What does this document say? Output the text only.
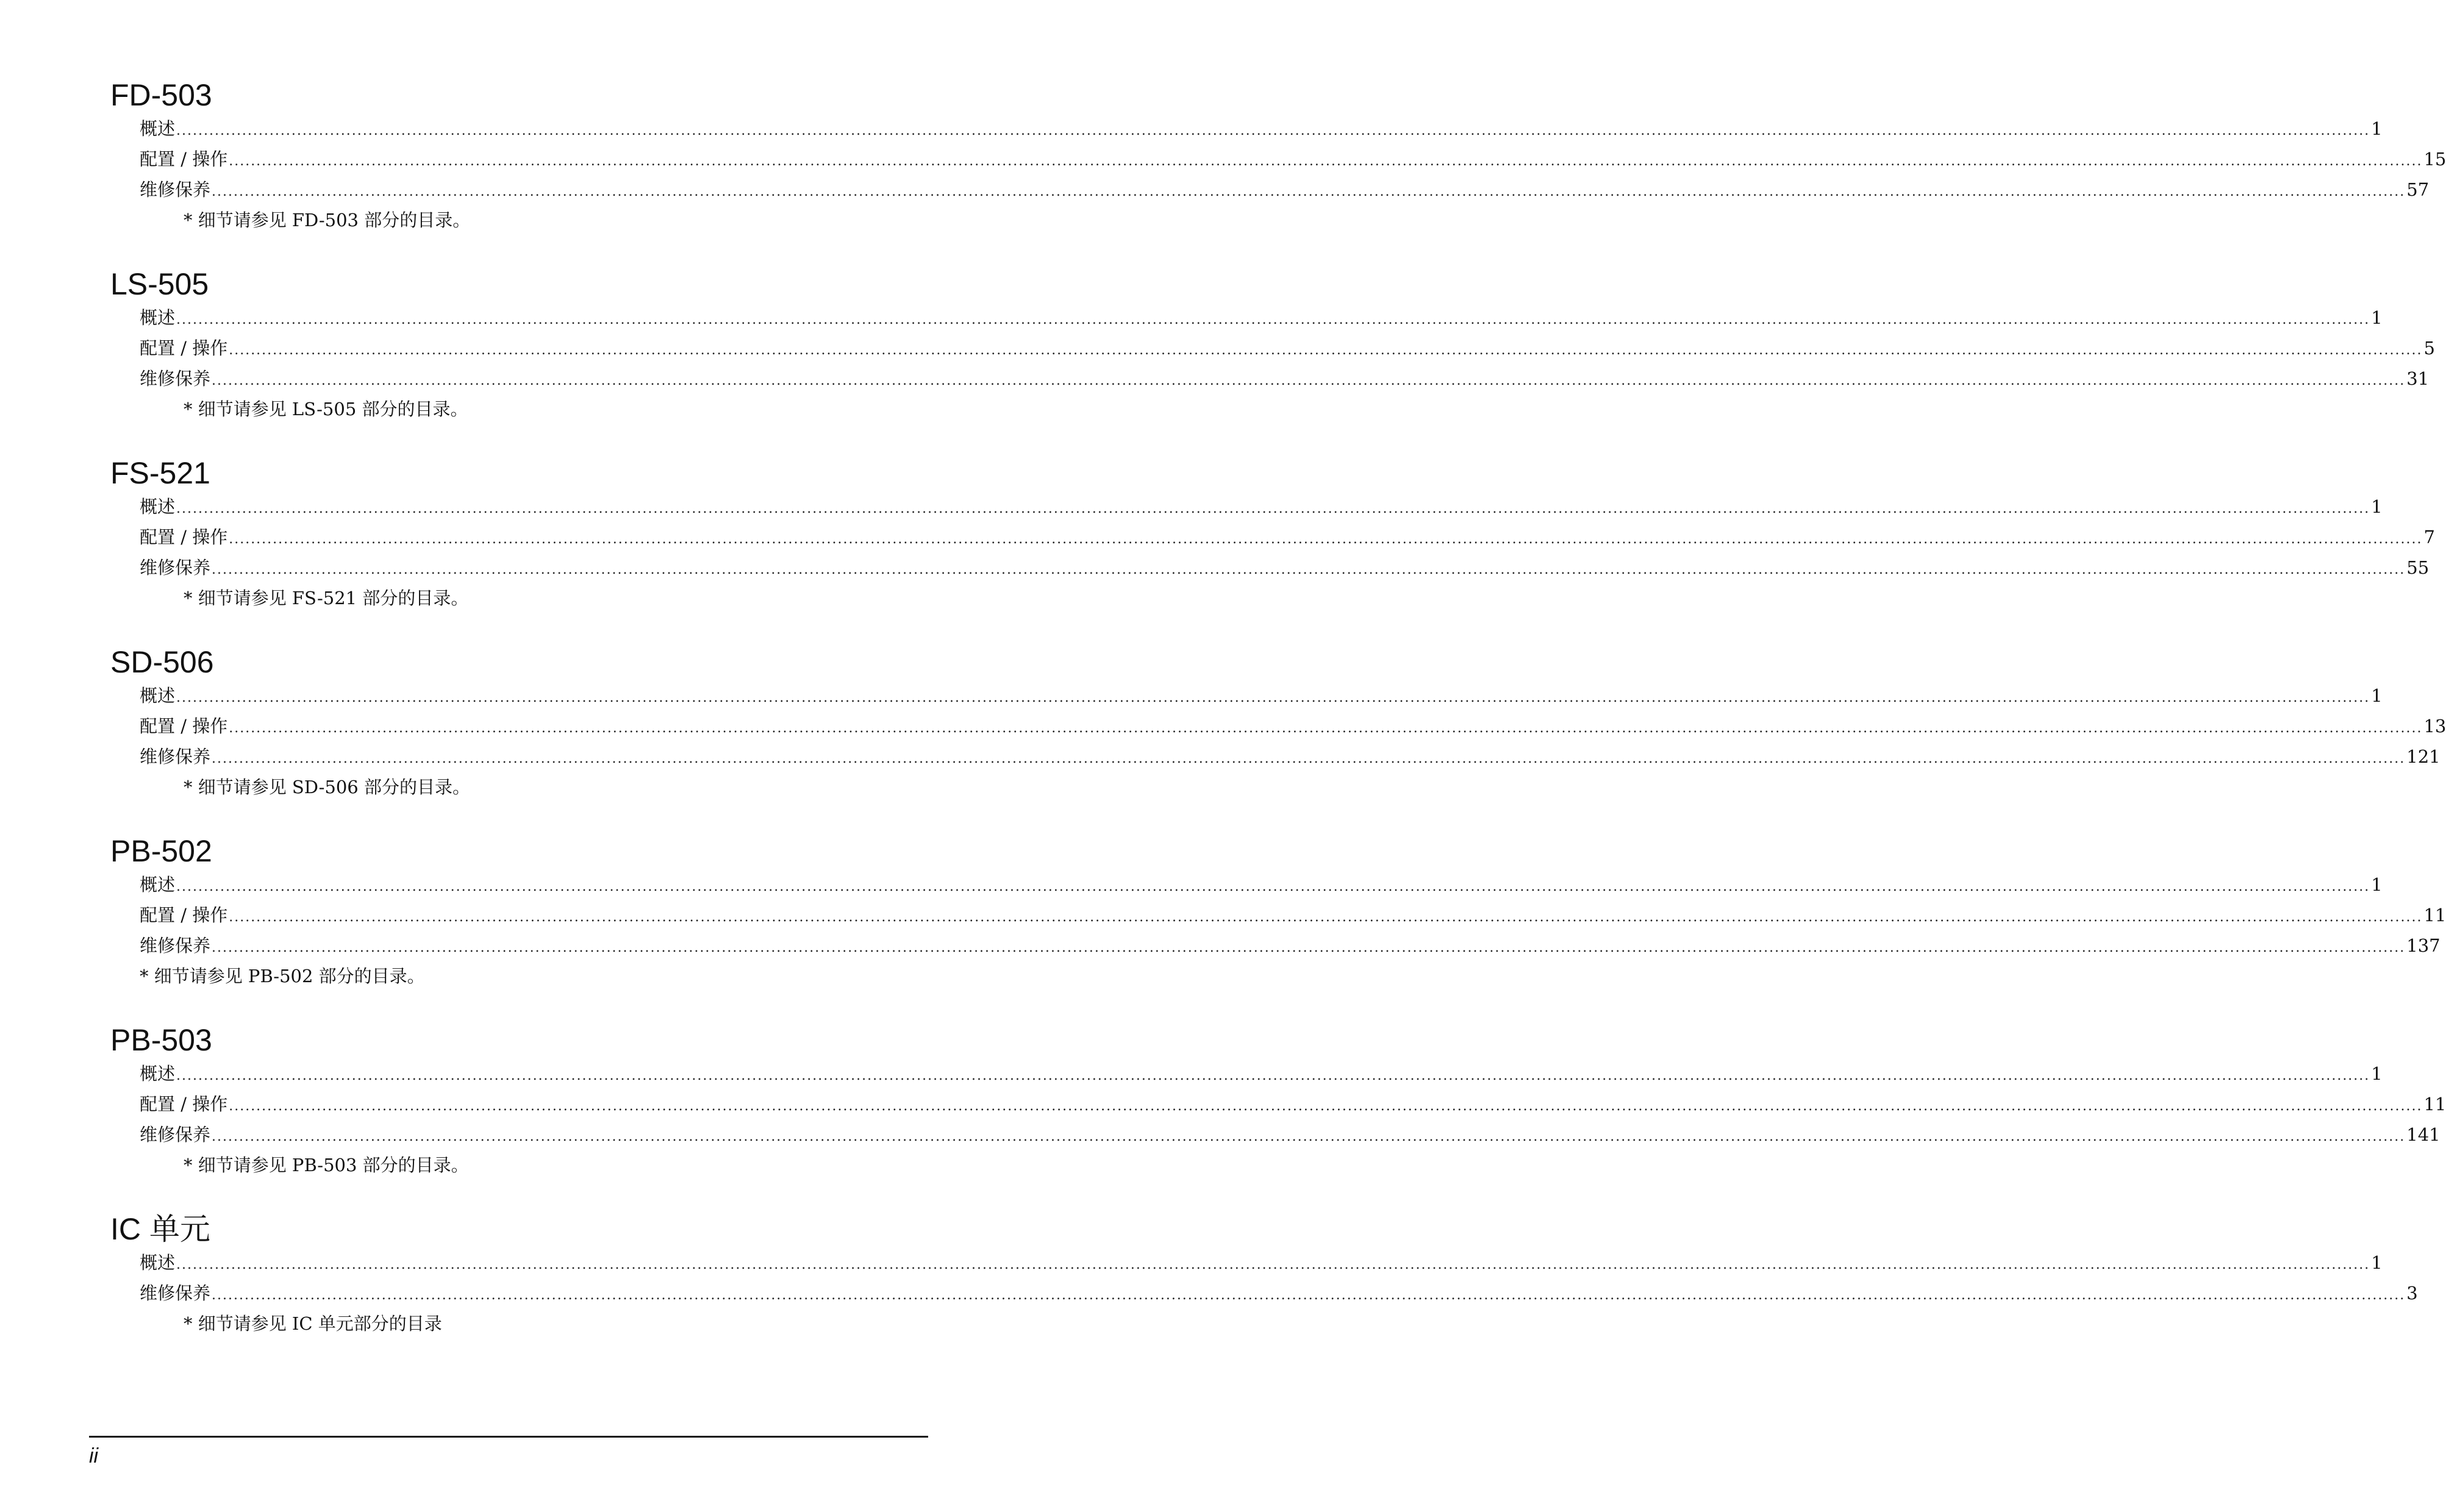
FD-503
概述 ................................................................................................................................................................................................................................................................................................................................................................................................................ 1
配置 / 操作 ................................................................................................................................................................................................................................................................................................................................................................................................................ 15
维修保养 ................................................................................................................................................................................................................................................................................................................................................................................................................ 57
* 细节请参见 FD-503 部分的目录。
LS-505
概述 ................................................................................................................................................................................................................................................................................................................................................................................................................ 1
配置 / 操作 ................................................................................................................................................................................................................................................................................................................................................................................................................ 5
维修保养 ................................................................................................................................................................................................................................................................................................................................................................................................................ 31
* 细节请参见 LS-505 部分的目录。
FS-521
概述 ................................................................................................................................................................................................................................................................................................................................................................................................................ 1
配置 / 操作 ................................................................................................................................................................................................................................................................................................................................................................................................................ 7
维修保养 ................................................................................................................................................................................................................................................................................................................................................................................................................ 55
* 细节请参见 FS-521 部分的目录。
SD-506
概述 ................................................................................................................................................................................................................................................................................................................................................................................................................ 1
配置 / 操作 ................................................................................................................................................................................................................................................................................................................................................................................................................ 13
维修保养 ................................................................................................................................................................................................................................................................................................................................................................................................................ 121
* 细节请参见 SD-506 部分的目录。
PB-502
概述 ................................................................................................................................................................................................................................................................................................................................................................................................................ 1
配置 / 操作 ................................................................................................................................................................................................................................................................................................................................................................................................................ 11
维修保养 ................................................................................................................................................................................................................................................................................................................................................................................................................ 137
* 细节请参见 PB-502 部分的目录。
PB-503
概述 ................................................................................................................................................................................................................................................................................................................................................................................................................ 1
配置 / 操作 ................................................................................................................................................................................................................................................................................................................................................................................................................ 11
维修保养 ................................................................................................................................................................................................................................................................................................................................................................................................................ 141
* 细节请参见 PB-503 部分的目录。
IC 单元
概述 ................................................................................................................................................................................................................................................................................................................................................................................................................ 1
维修保养 ................................................................................................................................................................................................................................................................................................................................................................................................................ 3
* 细节请参见 IC 单元部分的目录
ii
